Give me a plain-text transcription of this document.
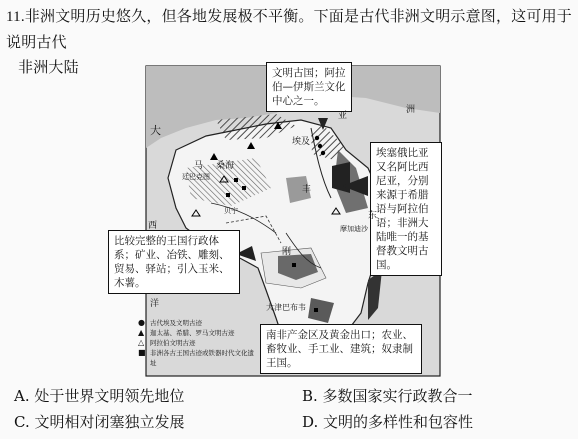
11.非洲文明历史悠久，但各地发展极不平衡。下面是古代非洲文明示意图，这可用于说明古代
非洲大陆	文明古国；阿拉伯—伊斯兰文化中心之一。
埃塞俄比亚又名阿比西尼亚，分别来源于希腊语与阿拉伯语；非洲大陆唯一的基督教文明古国。
比较完整的王国行政体系；矿业、冶铁、雕刻、贸易、驿站；引入玉米、木薯。
南非产金区及黄金出口；农业、畜牧业、手工业、建筑；奴隶制王国。
亚
洲
大
埃及
丰
西
洋
马
廷巴克图
桑海
贝宁
刚
东
摩加迪沙
大津巴布韦
● 古代埃及文明古迹
▲ 迦太基、希腊、罗马文明古迹
△ 阿拉伯文明古迹
■ 非洲各古王国古迹或铁器时代文化遗址
A. 处于世界文明领先地位	B. 多数国家实行政教合一
C. 文明相对闭塞独立发展	D. 文明的多样性和包容性
